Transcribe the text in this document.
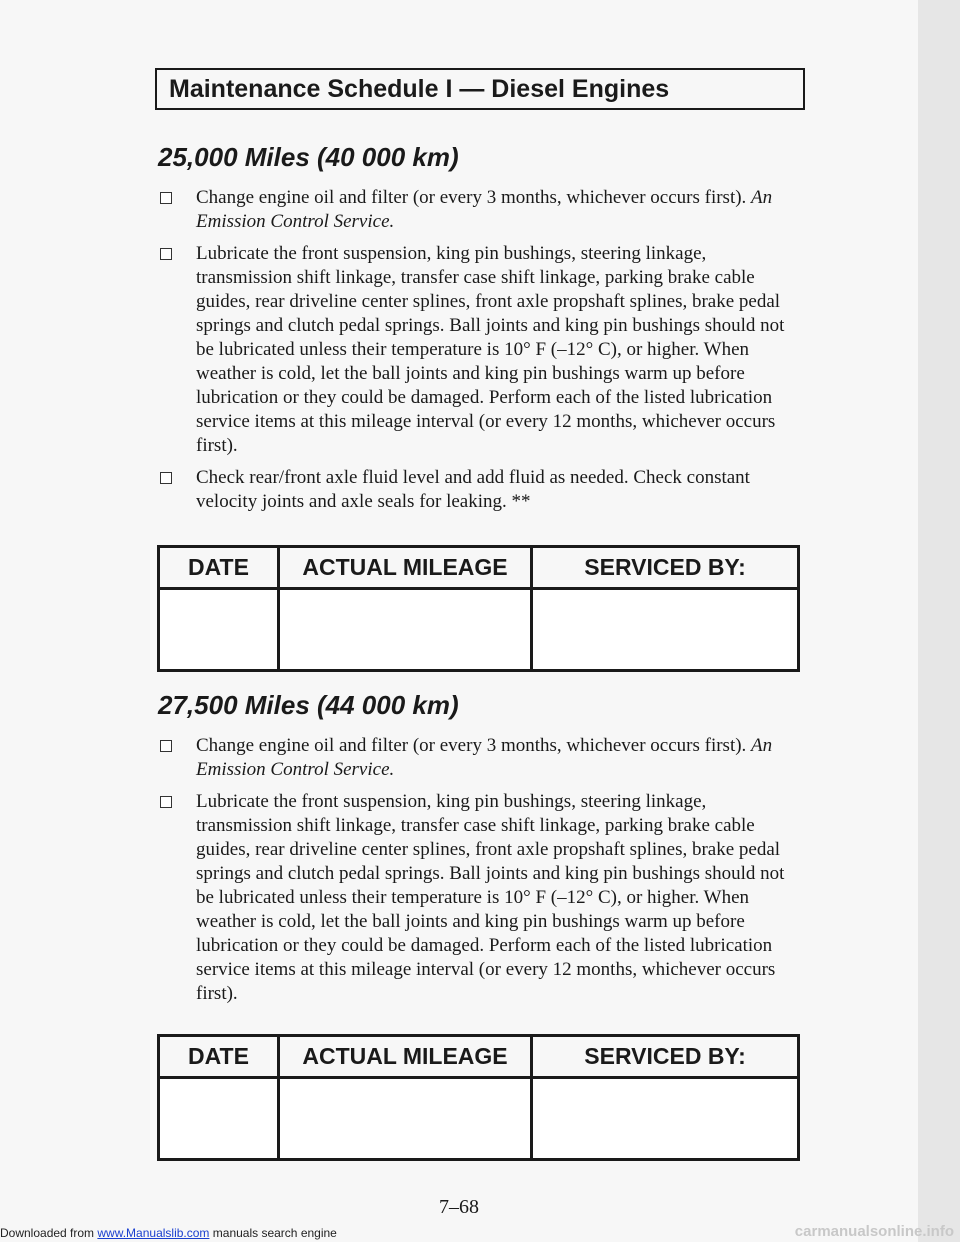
Maintenance Schedule I — Diesel Engines
25,000 Miles (40 000 km)
Change engine oil and filter (or every 3 months, whichever occurs first). An Emission Control Service.
Lubricate the front suspension, king pin bushings, steering linkage, transmission shift linkage, transfer case shift linkage, parking brake cable guides, rear driveline center splines, front axle propshaft splines, brake pedal springs and clutch pedal springs. Ball joints and king pin bushings should not be lubricated unless their temperature is 10° F (–12° C), or higher. When weather is cold, let the ball joints and king pin bushings warm up before lubrication or they could be damaged. Perform each of the listed lubrication service items at this mileage interval (or every 12 months, whichever occurs first).
Check rear/front axle fluid level and add fluid as needed. Check constant velocity joints and axle seals for leaking. **
DATE	ACTUAL MILEAGE	SERVICED BY:
27,500 Miles (44 000 km)
Change engine oil and filter (or every 3 months, whichever occurs first). An Emission Control Service.
Lubricate the front suspension, king pin bushings, steering linkage, transmission shift linkage, transfer case shift linkage, parking brake cable guides, rear driveline center splines, front axle propshaft splines, brake pedal springs and clutch pedal springs. Ball joints and king pin bushings should not be lubricated unless their temperature is 10° F (–12° C), or higher. When weather is cold, let the ball joints and king pin bushings warm up before lubrication or they could be damaged. Perform each of the listed lubrication service items at this mileage interval (or every 12 months, whichever occurs first).
DATE	ACTUAL MILEAGE	SERVICED BY:
7–68
Downloaded from www.Manualslib.com manuals search engine	carmanualsonline.info
